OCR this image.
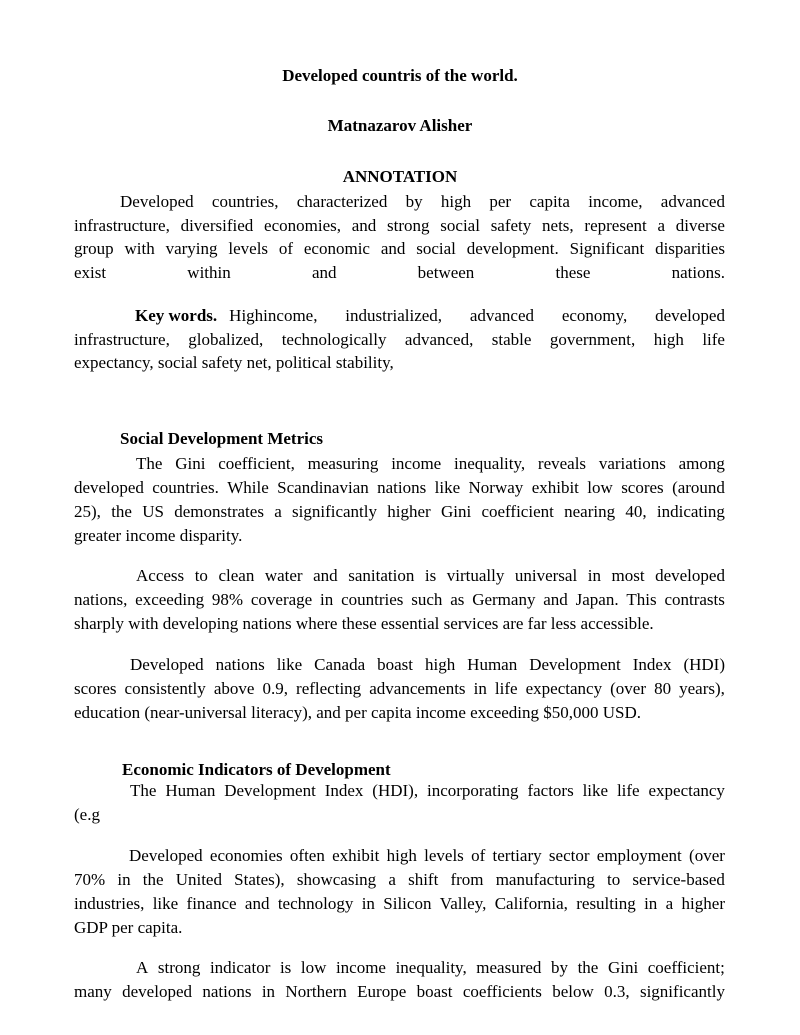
Developed countris of the world.
Matnazarov Alisher
ANNOTATION
Developed countries, characterized by high per capita income, advanced
infrastructure, diversified economies, and strong social safety nets, represent a diverse
group with varying levels of economic and social development. Significant disparities
exist	within	and	between	these	nations.
Key words. Highincome, industrialized, advanced economy, developed
infrastructure, globalized, technologically advanced, stable government, high life
expectancy, social safety net, political stability,
Social Development Metrics
The Gini coefficient, measuring income inequality, reveals variations among
developed countries. While Scandinavian nations like Norway exhibit low scores (around
25), the US demonstrates a significantly higher Gini coefficient nearing 40, indicating
greater income disparity.
Access to clean water and sanitation is virtually universal in most developed
nations, exceeding 98% coverage in countries such as Germany and Japan. This contrasts
sharply with developing nations where these essential services are far less accessible.
Developed nations like Canada boast high Human Development Index (HDI)
scores consistently above 0.9, reflecting advancements in life expectancy (over 80 years),
education (near-universal literacy), and per capita income exceeding $50,000 USD.
Economic Indicators of Development
The Human Development Index (HDI), incorporating factors like life expectancy
(e.g
Developed economies often exhibit high levels of tertiary sector employment (over
70% in the United States), showcasing a shift from manufacturing to service-based
industries, like finance and technology in Silicon Valley, California, resulting in a higher
GDP per capita.
A strong indicator is low income inequality, measured by the Gini coefficient;
many developed nations in Northern Europe boast coefficients below 0.3, significantly
